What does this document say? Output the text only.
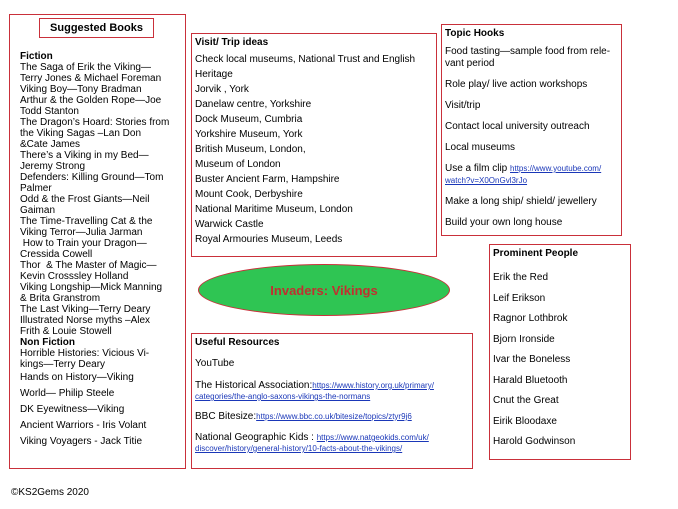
Suggested Books
Fiction
The Saga of Erik the Viking—
Terry Jones & Michael Foreman
Viking Boy—Tony Bradman
Arthur & the Golden Rope—Joe
Todd Stanton
The Dragon’s Hoard: Stories from
the Viking Sagas –Lan Don
&Cate James
There’s a Viking in my Bed—
Jeremy Strong
Defenders: Killing Ground—Tom
Palmer
Odd & the Frost Giants—Neil
Gaiman
The Time-Travelling Cat & the
Viking Terror—Julia Jarman
How to Train your Dragon—
Cressida Cowell
Thor  & The Master of Magic—
Kevin Crosssley Holland
Viking Longship—Mick Manning
& Brita Granstrom
The Last Viking—Terry Deary
Illustrated Norse myths –Alex
Frith & Louie Stowell
Non Fiction
Horrible Histories: Vicious Vi-
kings—Terry Deary
Hands on History—Viking
World— Philip Steele
DK Eyewitness—Viking
Ancient Warriors - Iris Volant
Viking Voyagers - Jack Titie
Visit/ Trip ideas
Check local museums, National Trust and English
Heritage
Jorvik , York
Danelaw centre, Yorkshire
Dock Museum, Cumbria
Yorkshire Museum, York
British Museum, London,
Museum of London
Buster Ancient Farm, Hampshire
Mount Cook, Derbyshire
National Maritime Museum, London
Warwick Castle
Royal Armouries Museum, Leeds
Topic Hooks
Food tasting—sample food from rele-
vant period
Role play/ live action workshops
Visit/trip
Contact local university outreach
Local museums
Use a film clip https://www.youtube.com/
watch?v=X0OnGvl3rJo
Make a long ship/ shield/ jewellery
Build your own long house
Invaders: Vikings
Useful Resources
YouTube
The Historical Association:https://www.history.org.uk/primary/
categories/the-anglo-saxons-vikings-the-normans
BBC Bitesize:https://www.bbc.co.uk/bitesize/topics/ztyr9j6
National Geographic Kids : https://www.natgeokids.com/uk/
discover/history/general-history/10-facts-about-the-vikings/
Prominent People
Erik the Red
Leif Erikson
Ragnor Lothbrok
Bjorn Ironside
Ivar the Boneless
Harald Bluetooth
Cnut the Great
Eirik Bloodaxe
Harold Godwinson
©KS2Gems 2020
